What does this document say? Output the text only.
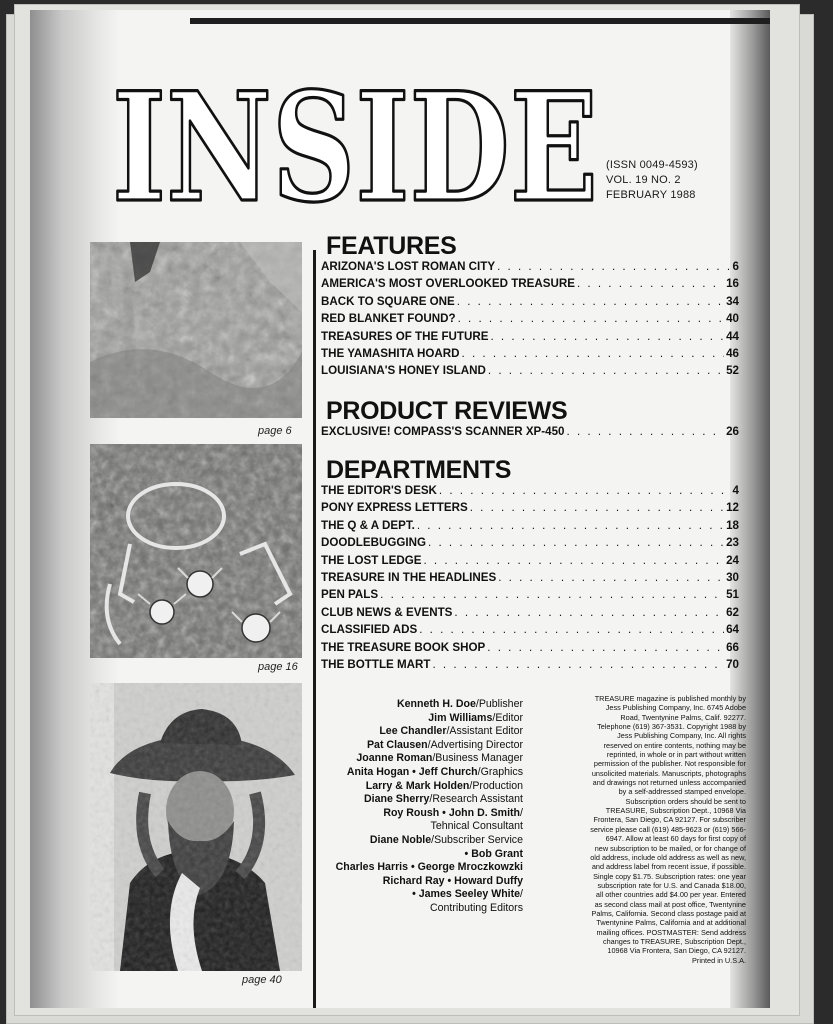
INSIDE (ISSN 0049-4593)
VOL. 19 NO. 2
FEBRUARY 1988
page 6
page 16
page 40
FEATURES
ARIZONA'S LOST ROMAN CITY . . .	6
AMERICA'S MOST OVERLOOKED TREASURE . . .	16
BACK TO SQUARE ONE . . .	34
RED BLANKET FOUND? . . .	40
TREASURES OF THE FUTURE . . .	44
THE YAMASHITA HOARD . . .	46
LOUISIANA'S HONEY ISLAND . . .	52
PRODUCT REVIEWS
EXCLUSIVE! COMPASS'S SCANNER XP-450 . . .	26
DEPARTMENTS
THE EDITOR'S DESK . . .	4
PONY EXPRESS LETTERS . . .	12
THE Q & A DEPT. . . .	18
DOODLEBUGGING . . .	23
THE LOST LEDGE . . .	24
TREASURE IN THE HEADLINES . . .	30
PEN PALS . . .	51
CLUB NEWS & EVENTS . . .	62
CLASSIFIED ADS . . .	64
THE TREASURE BOOK SHOP . . .	66
THE BOTTLE MART . . .	70
Kenneth H. Doe/Publisher
Jim Williams/Editor
Lee Chandler/Assistant Editor
Pat Clausen/Advertising Director
Joanne Roman/Business Manager
Anita Hogan • Jeff Church/Graphics
Larry & Mark Holden/Production
Diane Sherry/Research Assistant
Roy Roush • John D. Smith/
Tehnical Consultant
Diane Noble/Subscriber Service
• Bob Grant
Charles Harris • George Mroczkowzki
Richard Ray • Howard Duffy
• James Seeley White/
Contributing Editors
TREASURE magazine is published monthly by
Jess Publishing Company, Inc. 6745 Adobe
Road, Twentynine Palms, Calif. 92277.
Telephone (619) 367-3531. Copyright 1988 by
Jess Publishing Company, Inc. All rights
reserved on entire contents, nothing may be
reprinted, in whole or in part without written
permission of the publisher. Not responsible for
unsolicited materials. Manuscripts, photographs
and drawings not returned unless accompanied
by a self-addressed stamped envelope.
Subscription orders should be sent to
TREASURE, Subscription Dept., 10968 Via
Frontera, San Diego, CA 92127. For subscriber
service please call (619) 485-9623 or (619) 566-
6947. Allow at least 60 days for first copy of
new subscription to be mailed, or for change of
old address, include old address as well as new,
and address label from recent issue, if possible.
Single copy $1.75. Subscription rates: one year
subscription rate for U.S. and Canada $18.00,
all other countries add $4.00 per year. Entered
as second class mail at post office, Twentynine
Palms, California. Second class postage paid at
Twentynine Palms, California and at additional
mailing offices. POSTMASTER: Send address
changes to TREASURE, Subscription Dept.,
10968 Via Frontera, San Diego, CA 92127.
Printed in U.S.A.
